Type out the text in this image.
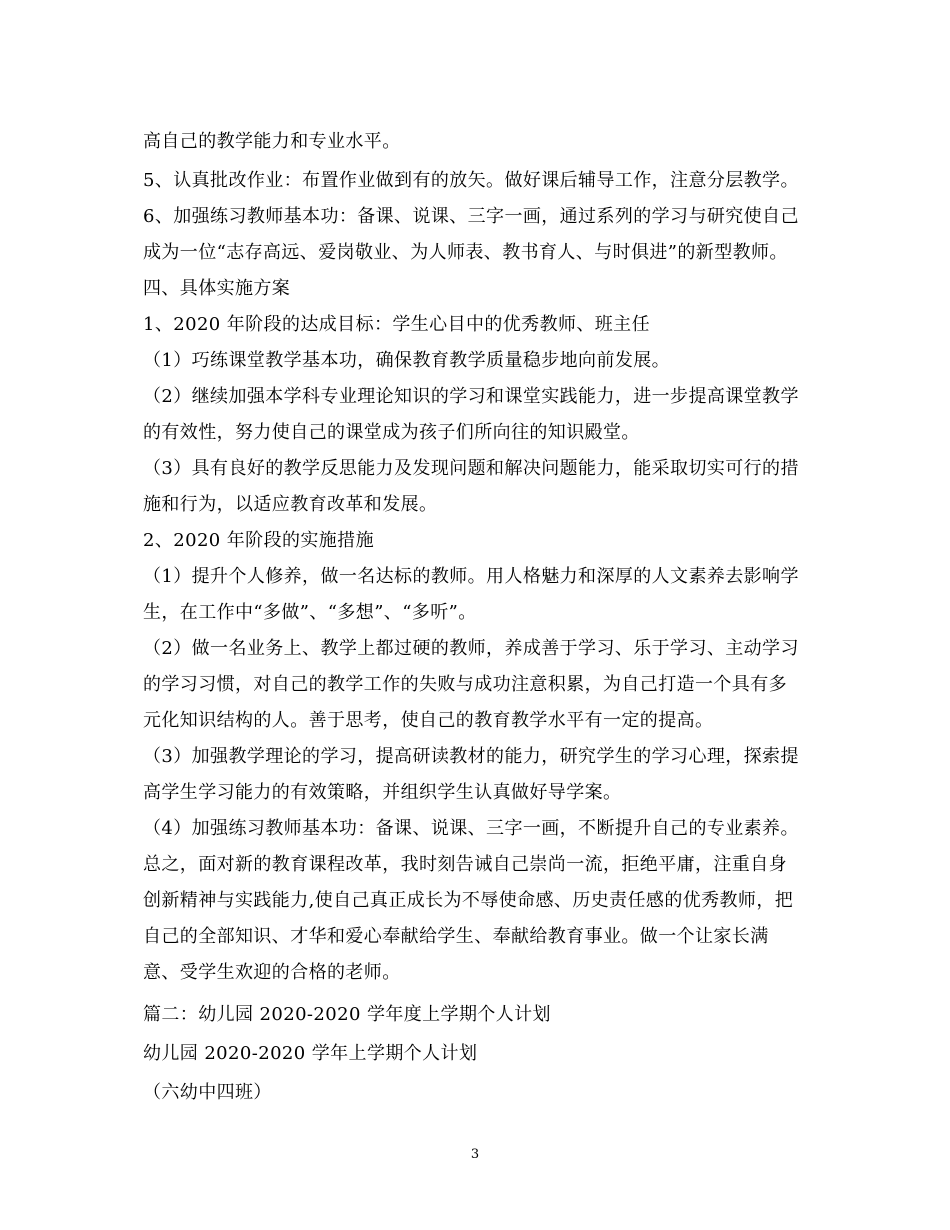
高自己的教学能力和专业水平。
5、认真批改作业：布置作业做到有的放矢。做好课后辅导工作，注意分层教学。
6、加强练习教师基本功：备课、说课、三字一画，通过系列的学习与研究使自己
成为一位“志存高远、爱岗敬业、为人师表、教书育人、与时俱进”的新型教师。
四、具体实施方案
1、2020 年阶段的达成目标：学生心目中的优秀教师、班主任
（1）巧练课堂教学基本功，确保教育教学质量稳步地向前发展。
（2）继续加强本学科专业理论知识的学习和课堂实践能力，进一步提高课堂教学
的有效性，努力使自己的课堂成为孩子们所向往的知识殿堂。
（3）具有良好的教学反思能力及发现问题和解决问题能力，能采取切实可行的措
施和行为，以适应教育改革和发展。
2、2020 年阶段的实施措施
（1）提升个人修养，做一名达标的教师。用人格魅力和深厚的人文素养去影响学
生，在工作中“多做”、“多想”、“多听”。
（2）做一名业务上、教学上都过硬的教师，养成善于学习、乐于学习、主动学习
的学习习惯，对自己的教学工作的失败与成功注意积累，为自己打造一个具有多
元化知识结构的人。善于思考，使自己的教育教学水平有一定的提高。
（3）加强教学理论的学习，提高研读教材的能力，研究学生的学习心理，探索提
高学生学习能力的有效策略，并组织学生认真做好导学案。
（4）加强练习教师基本功：备课、说课、三字一画，不断提升自己的专业素养。
总之，面对新的教育课程改革，我时刻告诫自己崇尚一流，拒绝平庸，注重自身
创新精神与实践能力,使自己真正成长为不辱使命感、历史责任感的优秀教师，把
自己的全部知识、才华和爱心奉献给学生、奉献给教育事业。做一个让家长满
意、受学生欢迎的合格的老师。
篇二：幼儿园 2020-2020 学年度上学期个人计划
幼儿园 2020-2020 学年上学期个人计划
（六幼中四班）
3
